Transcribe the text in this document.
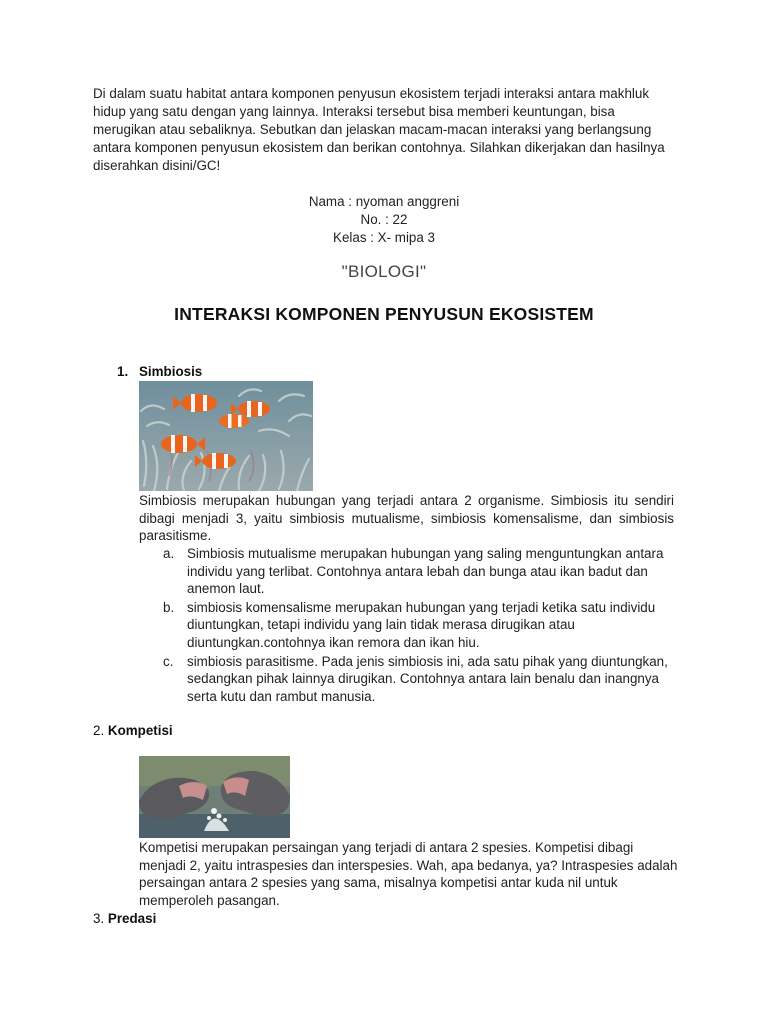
Di dalam suatu habitat antara komponen penyusun ekosistem terjadi interaksi antara makhluk hidup yang satu dengan yang lainnya. Interaksi tersebut bisa memberi keuntungan, bisa merugikan atau sebaliknya. Sebutkan dan jelaskan macam-macan interaksi yang berlangsung antara komponen penyusun ekosistem dan berikan contohnya. Silahkan dikerjakan dan hasilnya diserahkan disini/GC!

Nama : nyoman anggreni
No. : 22
Kelas : X- mipa 3
"BIOLOGI"
INTERAKSI KOMPONEN PENYUSUN EKOSISTEM
1. Simbiosis

Simbiosis merupakan hubungan yang terjadi antara 2 organisme. Simbiosis itu sendiri dibagi menjadi 3, yaitu simbiosis mutualisme, simbiosis komensalisme, dan simbiosis parasitisme.

a. Simbiosis mutualisme merupakan hubungan yang saling menguntungkan antara individu yang terlibat. Contohnya antara lebah dan bunga atau ikan badut dan anemon laut.
b. simbiosis komensalisme merupakan hubungan yang terjadi ketika satu individu diuntungkan, tetapi individu yang lain tidak merasa dirugikan atau diuntungkan.contohnya ikan remora dan ikan hiu.
c. simbiosis parasitisme. Pada jenis simbiosis ini, ada satu pihak yang diuntungkan, sedangkan pihak lainnya dirugikan. Contohnya antara lain benalu dan inangnya serta kutu dan rambut manusia.
2. Kompetisi

Kompetisi merupakan persaingan yang terjadi di antara 2 spesies. Kompetisi dibagi menjadi 2, yaitu intraspesies dan interspesies. Wah, apa bedanya, ya? Intraspesies adalah persaingan antara 2 spesies yang sama, misalnya kompetisi antar kuda nil untuk memperoleh pasangan.

3. Predasi
